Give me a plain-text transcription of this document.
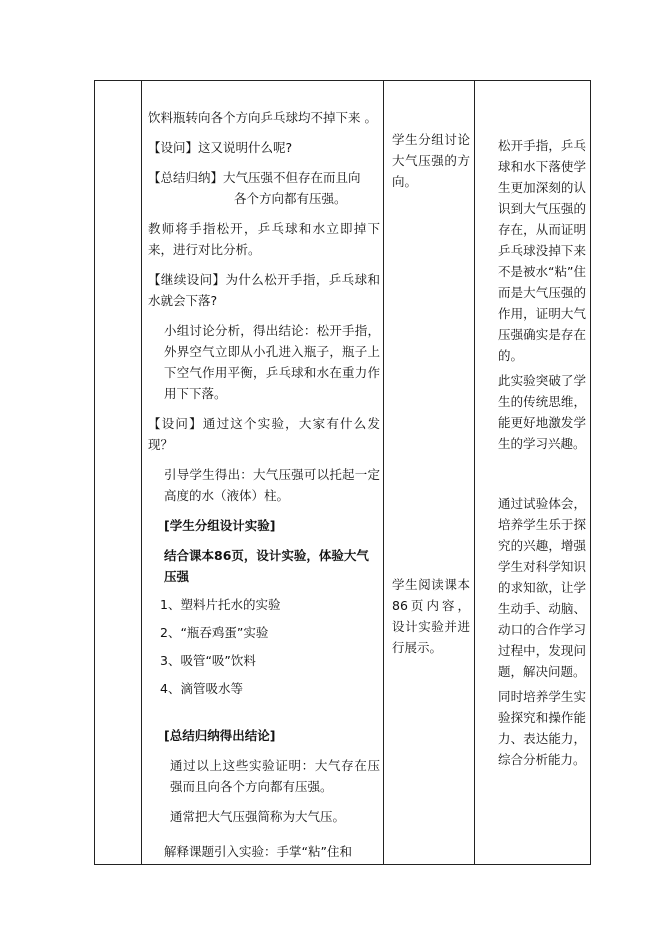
饮料瓶转向各个方向乒乓球均不掉下来 。

【设问】这又说明什么呢?

【总结归纳】大气压强不但存在而且向

各个方向都有压强。

教师将手指松开，乒乓球和水立即掉下来，进行对比分析。

【继续设问】为什么松开手指，乒乓球和水就会下落?

小组讨论分析，得出结论：松开手指，外界空气立即从小孔进入瓶子，瓶子上下空气作用平衡，乒乓球和水在重力作用下下落。

【设问】通过这个实验，大家有什么发现？

引导学生得出：大气压强可以托起一定高度的水（液体）柱。

[学生分组设计实验]

结合课本86页，设计实验，体验大气压强

1、塑料片托水的实验

2、“瓶吞鸡蛋”实验

3、吸管“吸”饮料

4、滴管吸水等

[总结归纳得出结论]

通过以上这些实验证明：大气存在压强而且向各个方向都有压强。

通常把大气压强简称为大气压。

解释课题引入实验：手掌“粘”住和

学生分组讨论大气压强的方向。

学生阅读课本86页内容，设计实验并进行展示。

松开手指，乒乓球和水下落使学生更加深刻的认识到大气压强的存在，从而证明乒乓球没掉下来不是被水“粘”住而是大气压强的作用，证明大气压强确实是存在的。

此实验突破了学生的传统思维，能更好地激发学生的学习兴趣。

通过试验体会，培养学生乐于探究的兴趣，增强学生对科学知识的求知欲，让学生动手、动脑、动口的合作学习过程中，发现问题，解决问题。

同时培养学生实验探究和操作能力、表达能力，综合分析能力。
